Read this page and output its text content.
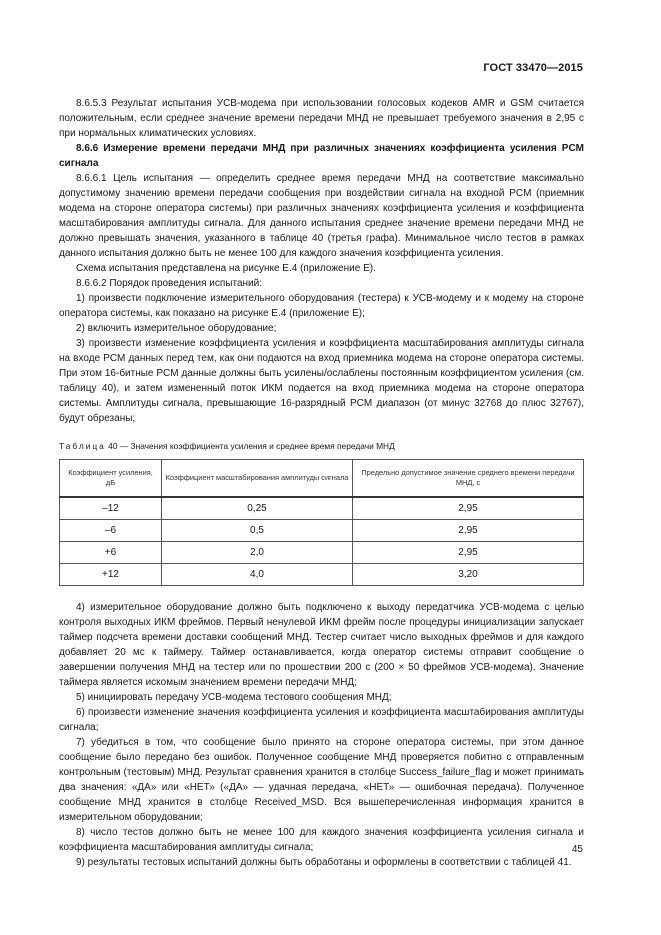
ГОСТ 33470—2015

8.6.5.3 Результат испытания УСВ-модема при использовании голосовых кодеков AMR и GSM считается положительным, если среднее значение времени передачи МНД не превышает требуемого значения в 2,95 с при нормальных климатических условиях.

8.6.6 Измерение времени передачи МНД при различных значениях коэффициента усиления PCM сигнала

8.6.6.1 Цель испытания — определить среднее время передачи МНД на соответствие максимально допустимому значению времени передачи сообщения при воздействии сигнала на входной PCM (приемник модема на стороне оператора системы) при различных значениях коэффициента усиления и коэффициента масштабирования амплитуды сигнала. Для данного испытания среднее значение времени передачи МНД не должно превышать значения, указанного в таблице 40 (третья графа). Минимальное число тестов в рамках данного испытания должно быть не менее 100 для каждого значения коэффициента усиления.

Схема испытания представлена на рисунке Е.4 (приложение Е).

8.6.6.2 Порядок проведения испытаний:

1) произвести подключение измерительного оборудования (тестера) к УСВ-модему и к модему на стороне оператора системы, как показано на рисунке Е.4 (приложение Е);

2) включить измерительное оборудование;

3) произвести изменение коэффициента усиления и коэффициента масштабирования амплитуды сигнала на входе PCM данных перед тем, как они подаются на вход приемника модема на стороне оператора системы. При этом 16-битные PCM данные должны быть усилены/ослаблены постоянным коэффициентом усиления (см. таблицу 40), и затем измененный поток ИКМ подается на вход приемника модема на стороне оператора системы. Амплитуды сигнала, превышающие 16-разрядный PCM диапазон (от минус 32768 до плюс 32767), будут обрезаны;

Таблица 40 — Значения коэффициента усиления и среднее время передачи МНД
Коэффициент усиления, дБ	Коэффициент масштабирования амплитуды сигнала	Предельно допустимое значение среднего времени передачи МНД, с
–12	0,25	2,95
–6	0,5	2,95
+6	2,0	2,95
+12	4,0	3,20

4) измерительное оборудование должно быть подключено к выходу передатчика УСВ-модема с целью контроля выходных ИКМ фреймов. Первый ненулевой ИКМ фрейм после процедуры инициализации запускает таймер подсчета времени доставки сообщений МНД. Тестер считает число выходных фреймов и для каждого добавляет 20 мс к таймеру. Таймер останавливается, когда оператор системы отправит сообщение о завершении получения МНД на тестер или по прошествии 200 с (200 × 50 фреймов УСВ-модема). Значение таймера является искомым значением времени передачи МНД;

5) инициировать передачу УСВ-модема тестового сообщения МНД;

6) произвести изменение значения коэффициента усиления и коэффициента масштабирования амплитуды сигнала;

7) убедиться в том, что сообщение было принято на стороне оператора системы, при этом данное сообщение было передано без ошибок. Полученное сообщение МНД проверяется побитно с отправленным контрольным (тестовым) МНД. Результат сравнения хранится в столбце Success_failure_flag и может принимать два значения: «ДА» или «НЕТ» («ДА» — удачная передача, «НЕТ» — ошибочная передача). Полученное сообщение МНД хранится в столбце Received_MSD. Вся вышеперечисленная информация хранится в измерительном оборудовании;

8) число тестов должно быть не менее 100 для каждого значения коэффициента усиления сигнала и коэффициента масштабирования амплитуды сигнала;

9) результаты тестовых испытаний должны быть обработаны и оформлены в соответствии с таблицей 41.

45
